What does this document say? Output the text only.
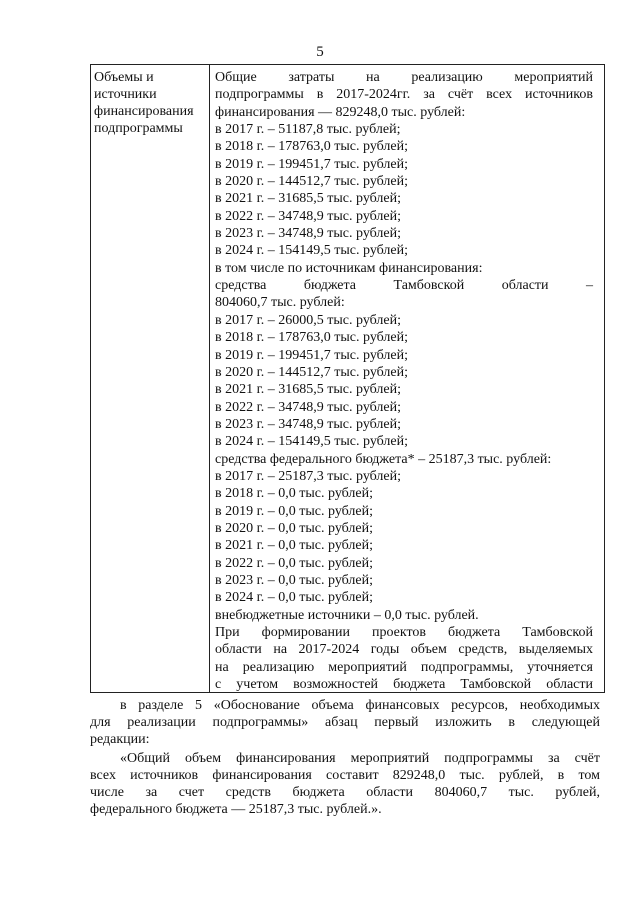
5
Объемы и
источники
финансирования
подпрограммы
Общие затраты на реализацию мероприятий
подпрограммы в 2017-2024гг. за счёт всех источников
финансирования — 829248,0 тыс. рублей:
в 2017 г. – 51187,8 тыс. рублей;
в 2018 г. – 178763,0 тыс. рублей;
в 2019 г. – 199451,7 тыс. рублей;
в 2020 г. – 144512,7 тыс. рублей;
в 2021 г. – 31685,5 тыс. рублей;
в 2022 г. – 34748,9 тыс. рублей;
в 2023 г. – 34748,9 тыс. рублей;
в 2024 г. – 154149,5 тыс. рублей;
в том числе по источникам финансирования:
средства бюджета Тамбовской области –
804060,7 тыс. рублей:
в 2017 г. – 26000,5 тыс. рублей;
в 2018 г. – 178763,0 тыс. рублей;
в 2019 г. – 199451,7 тыс. рублей;
в 2020 г. – 144512,7 тыс. рублей;
в 2021 г. – 31685,5 тыс. рублей;
в 2022 г. – 34748,9 тыс. рублей;
в 2023 г. – 34748,9 тыс. рублей;
в 2024 г. – 154149,5 тыс. рублей;
средства федерального бюджета* – 25187,3 тыс. рублей:
в 2017 г. – 25187,3 тыс. рублей;
в 2018 г. – 0,0 тыс. рублей;
в 2019 г. – 0,0 тыс. рублей;
в 2020 г. – 0,0 тыс. рублей;
в 2021 г. – 0,0 тыс. рублей;
в 2022 г. – 0,0 тыс. рублей;
в 2023 г. – 0,0 тыс. рублей;
в 2024 г. – 0,0 тыс. рублей;
внебюджетные источники – 0,0 тыс. рублей.
При формировании проектов бюджета Тамбовской
области на 2017-2024 годы объем средств, выделяемых
на реализацию мероприятий подпрограммы, уточняется
с учетом возможностей бюджета Тамбовской области
в разделе 5 «Обоснование объема финансовых ресурсов, необходимых
для реализации подпрограммы» абзац первый изложить в следующей
редакции:
«Общий объем финансирования мероприятий подпрограммы за счёт
всех источников финансирования составит 829248,0 тыс. рублей, в том
числе за счет средств бюджета области 804060,7 тыс. рублей,
федерального бюджета — 25187,3 тыс. рублей.».
